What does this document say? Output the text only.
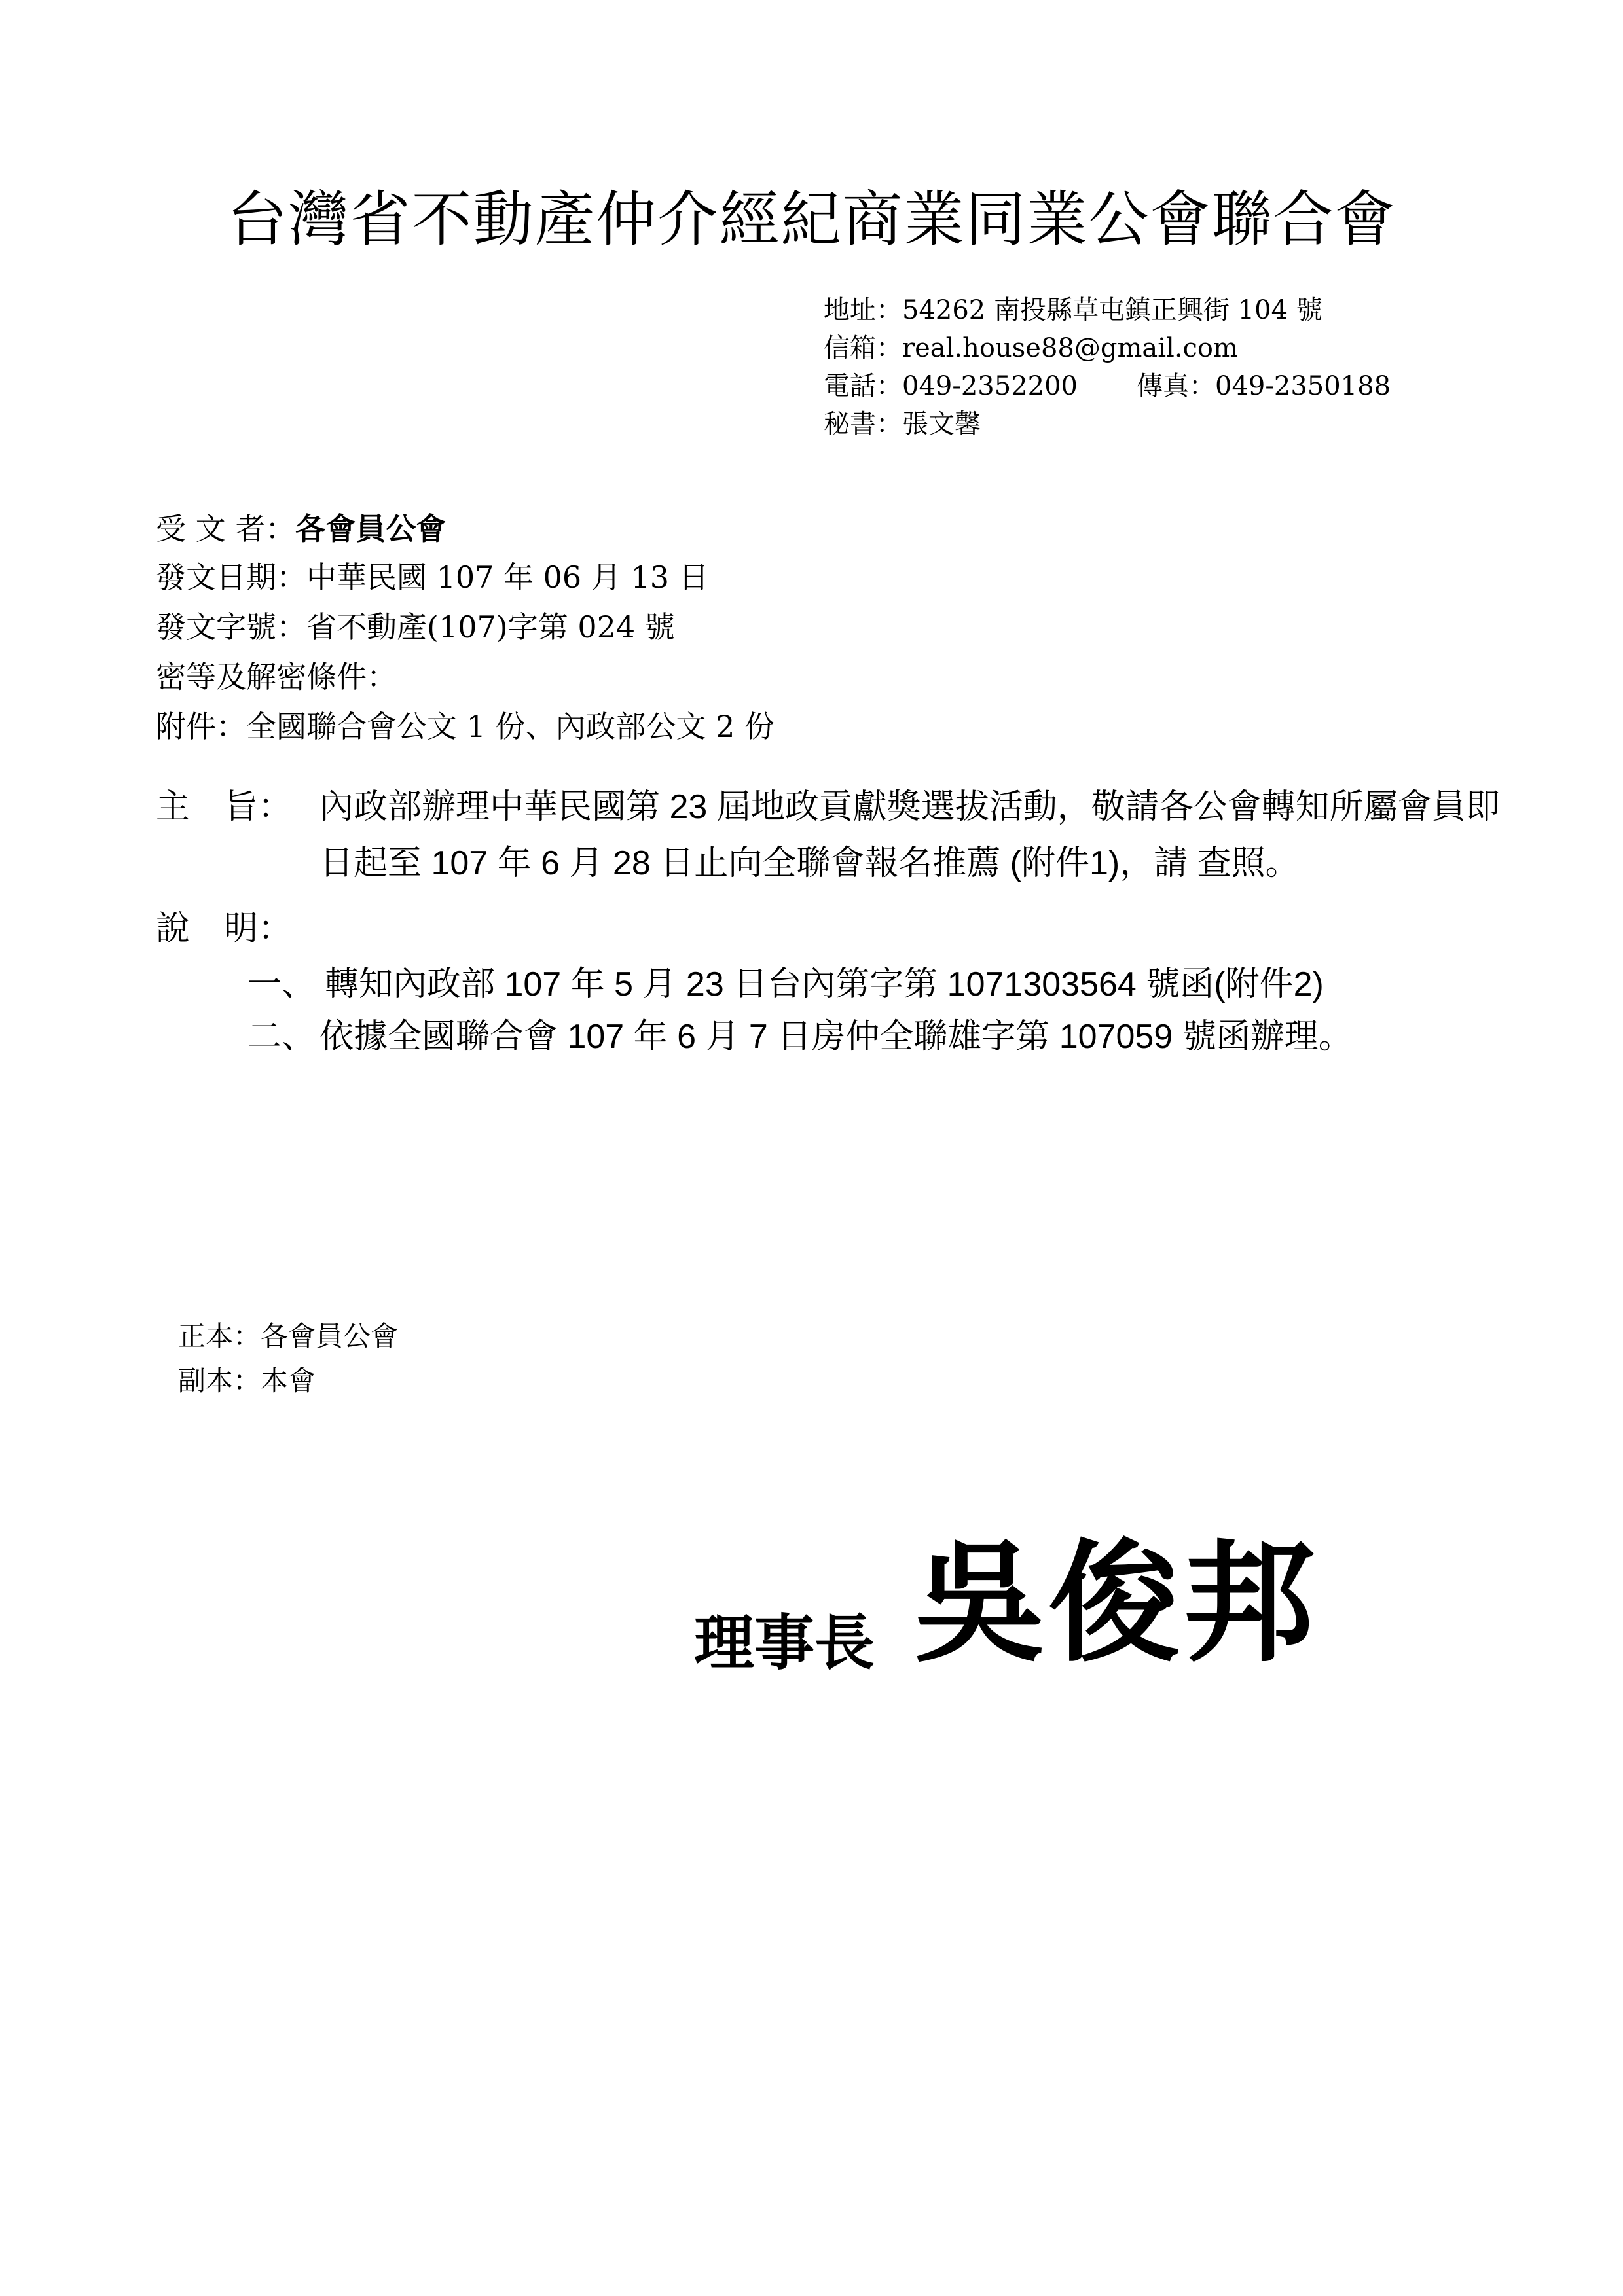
台灣省不動產仲介經紀商業同業公會聯合會
地址：54262 南投縣草屯鎮正興街 104 號
信箱：real.house88@gmail.com
電話：049-2352200 傳真：049-2350188
秘書：張文馨
受 文 者：各會員公會
發文日期：中華民國 107 年 06 月 13 日
發文字號：省不動產(107)字第 024 號
密等及解密條件：
附件：全國聯合會公文 1 份、內政部公文 2 份
主　旨： 內政部辦理中華民國第 23 屆地政貢獻獎選拔活動，敬請各公會轉知所屬會員即日起至 107 年 6 月 28 日止向全聯會報名推薦 (附件1)，請 查照。
說　明：
一、 轉知內政部 107 年 5 月 23 日台內第字第 1071303564 號函(附件2)
二、 依據全國聯合會 107 年 6 月 7 日房仲全聯雄字第 107059 號函辦理。
正本：各會員公會
副本：本會
理事長 吳俊邦
